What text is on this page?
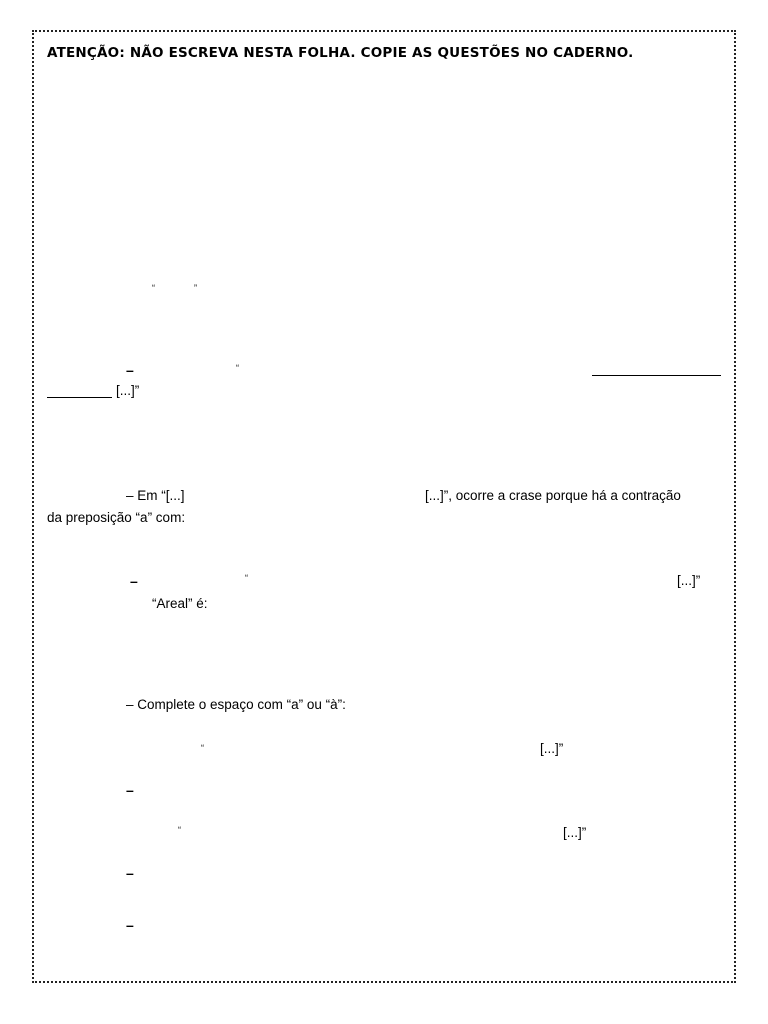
ATENÇÃO: NÃO ESCREVA NESTA FOLHA. COPIE AS QUESTÕES NO CADERNO.
“	”
–	“
[...]”
– Em “[...]	[...]”, ocorre a crase porque há a contração
da preposição “a” com:
–	“	[...]”
“Areal” é:
– Complete o espaço com “a” ou “à”:
“	[...]”
–
“	[...]”
–
–
